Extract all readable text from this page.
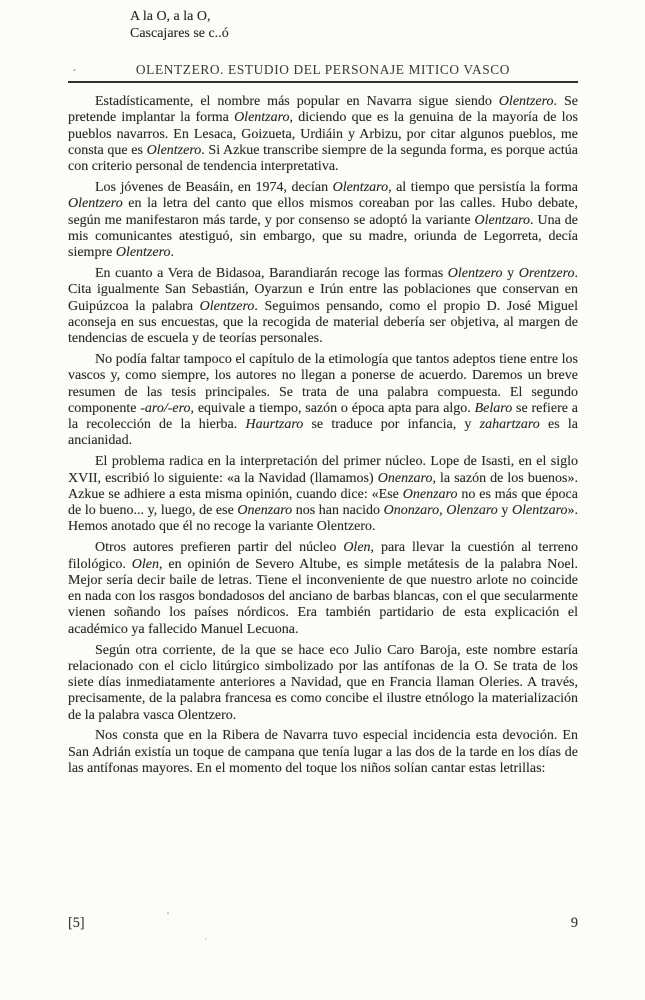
OLENTZERO. ESTUDIO DEL PERSONAJE MITICO VASCO

Estadísticamente, el nombre más popular en Navarra sigue siendo Olentzero. Se pretende implantar la forma Olentzaro, diciendo que es la genuina de la mayoría de los pueblos navarros. En Lesaca, Goizueta, Urdiáin y Arbizu, por citar algunos pueblos, me consta que es Olentzero. Si Azkue transcribe siempre de la segunda forma, es porque actúa con criterio personal de tendencia interpretativa.

Los jóvenes de Beasáin, en 1974, decían Olentzaro, al tiempo que persistía la forma Olentzero en la letra del canto que ellos mismos coreaban por las calles. Hubo debate, según me manifestaron más tarde, y por consenso se adoptó la variante Olentzaro. Una de mis comunicantes atestiguó, sin embargo, que su madre, oriunda de Legorreta, decía siempre Olentzero.

En cuanto a Vera de Bidasoa, Barandiarán recoge las formas Olentzero y Orentzero. Cita igualmente San Sebastián, Oyarzun e Irún entre las poblaciones que conservan en Guipúzcoa la palabra Olentzero. Seguimos pensando, como el propio D. José Miguel aconseja en sus encuestas, que la recogida de material debería ser objetiva, al margen de tendencias de escuela y de teorías personales.

No podía faltar tampoco el capítulo de la etimología que tantos adeptos tiene entre los vascos y, como siempre, los autores no llegan a ponerse de acuerdo. Daremos un breve resumen de las tesis principales. Se trata de una palabra compuesta. El segundo componente -aro/-ero, equivale a tiempo, sazón o época apta para algo. Belaro se refiere a la recolección de la hierba. Haurtzaro se traduce por infancia, y zahartzaro es la ancianidad.

El problema radica en la interpretación del primer núcleo. Lope de Isasti, en el siglo XVII, escribió lo siguiente: «a la Navidad (llamamos) Onenzaro, la sazón de los buenos». Azkue se adhiere a esta misma opinión, cuando dice: «Ese Onenzaro no es más que época de lo bueno... y, luego, de ese Onenzaro nos han nacido Ononzaro, Olenzaro y Olentzaro». Hemos anotado que él no recoge la variante Olentzero.

Otros autores prefieren partir del núcleo Olen, para llevar la cuestión al terreno filológico. Olen, en opinión de Severo Altube, es simple metátesis de la palabra Noel. Mejor sería decir baile de letras. Tiene el inconveniente de que nuestro arlote no coincide en nada con los rasgos bondadosos del anciano de barbas blancas, con el que secularmente vienen soñando los países nórdicos. Era también partidario de esta explicación el académico ya fallecido Manuel Lecuona.

Según otra corriente, de la que se hace eco Julio Caro Baroja, este nombre estaría relacionado con el ciclo litúrgico simbolizado por las antífonas de la O. Se trata de los siete días inmediatamente anteriores a Navidad, que en Francia llaman Oleries. A través, precisamente, de la palabra francesa es como concibe el ilustre etnólogo la materialización de la palabra vasca Olentzero.

Nos consta que en la Ribera de Navarra tuvo especial incidencia esta devoción. En San Adrián existía un toque de campana que tenía lugar a las dos de la tarde en los días de las antífonas mayores. En el momento del toque los niños solían cantar estas letrillas:

A la O, a la O,
Cascajares se c..ó
[5]	9
